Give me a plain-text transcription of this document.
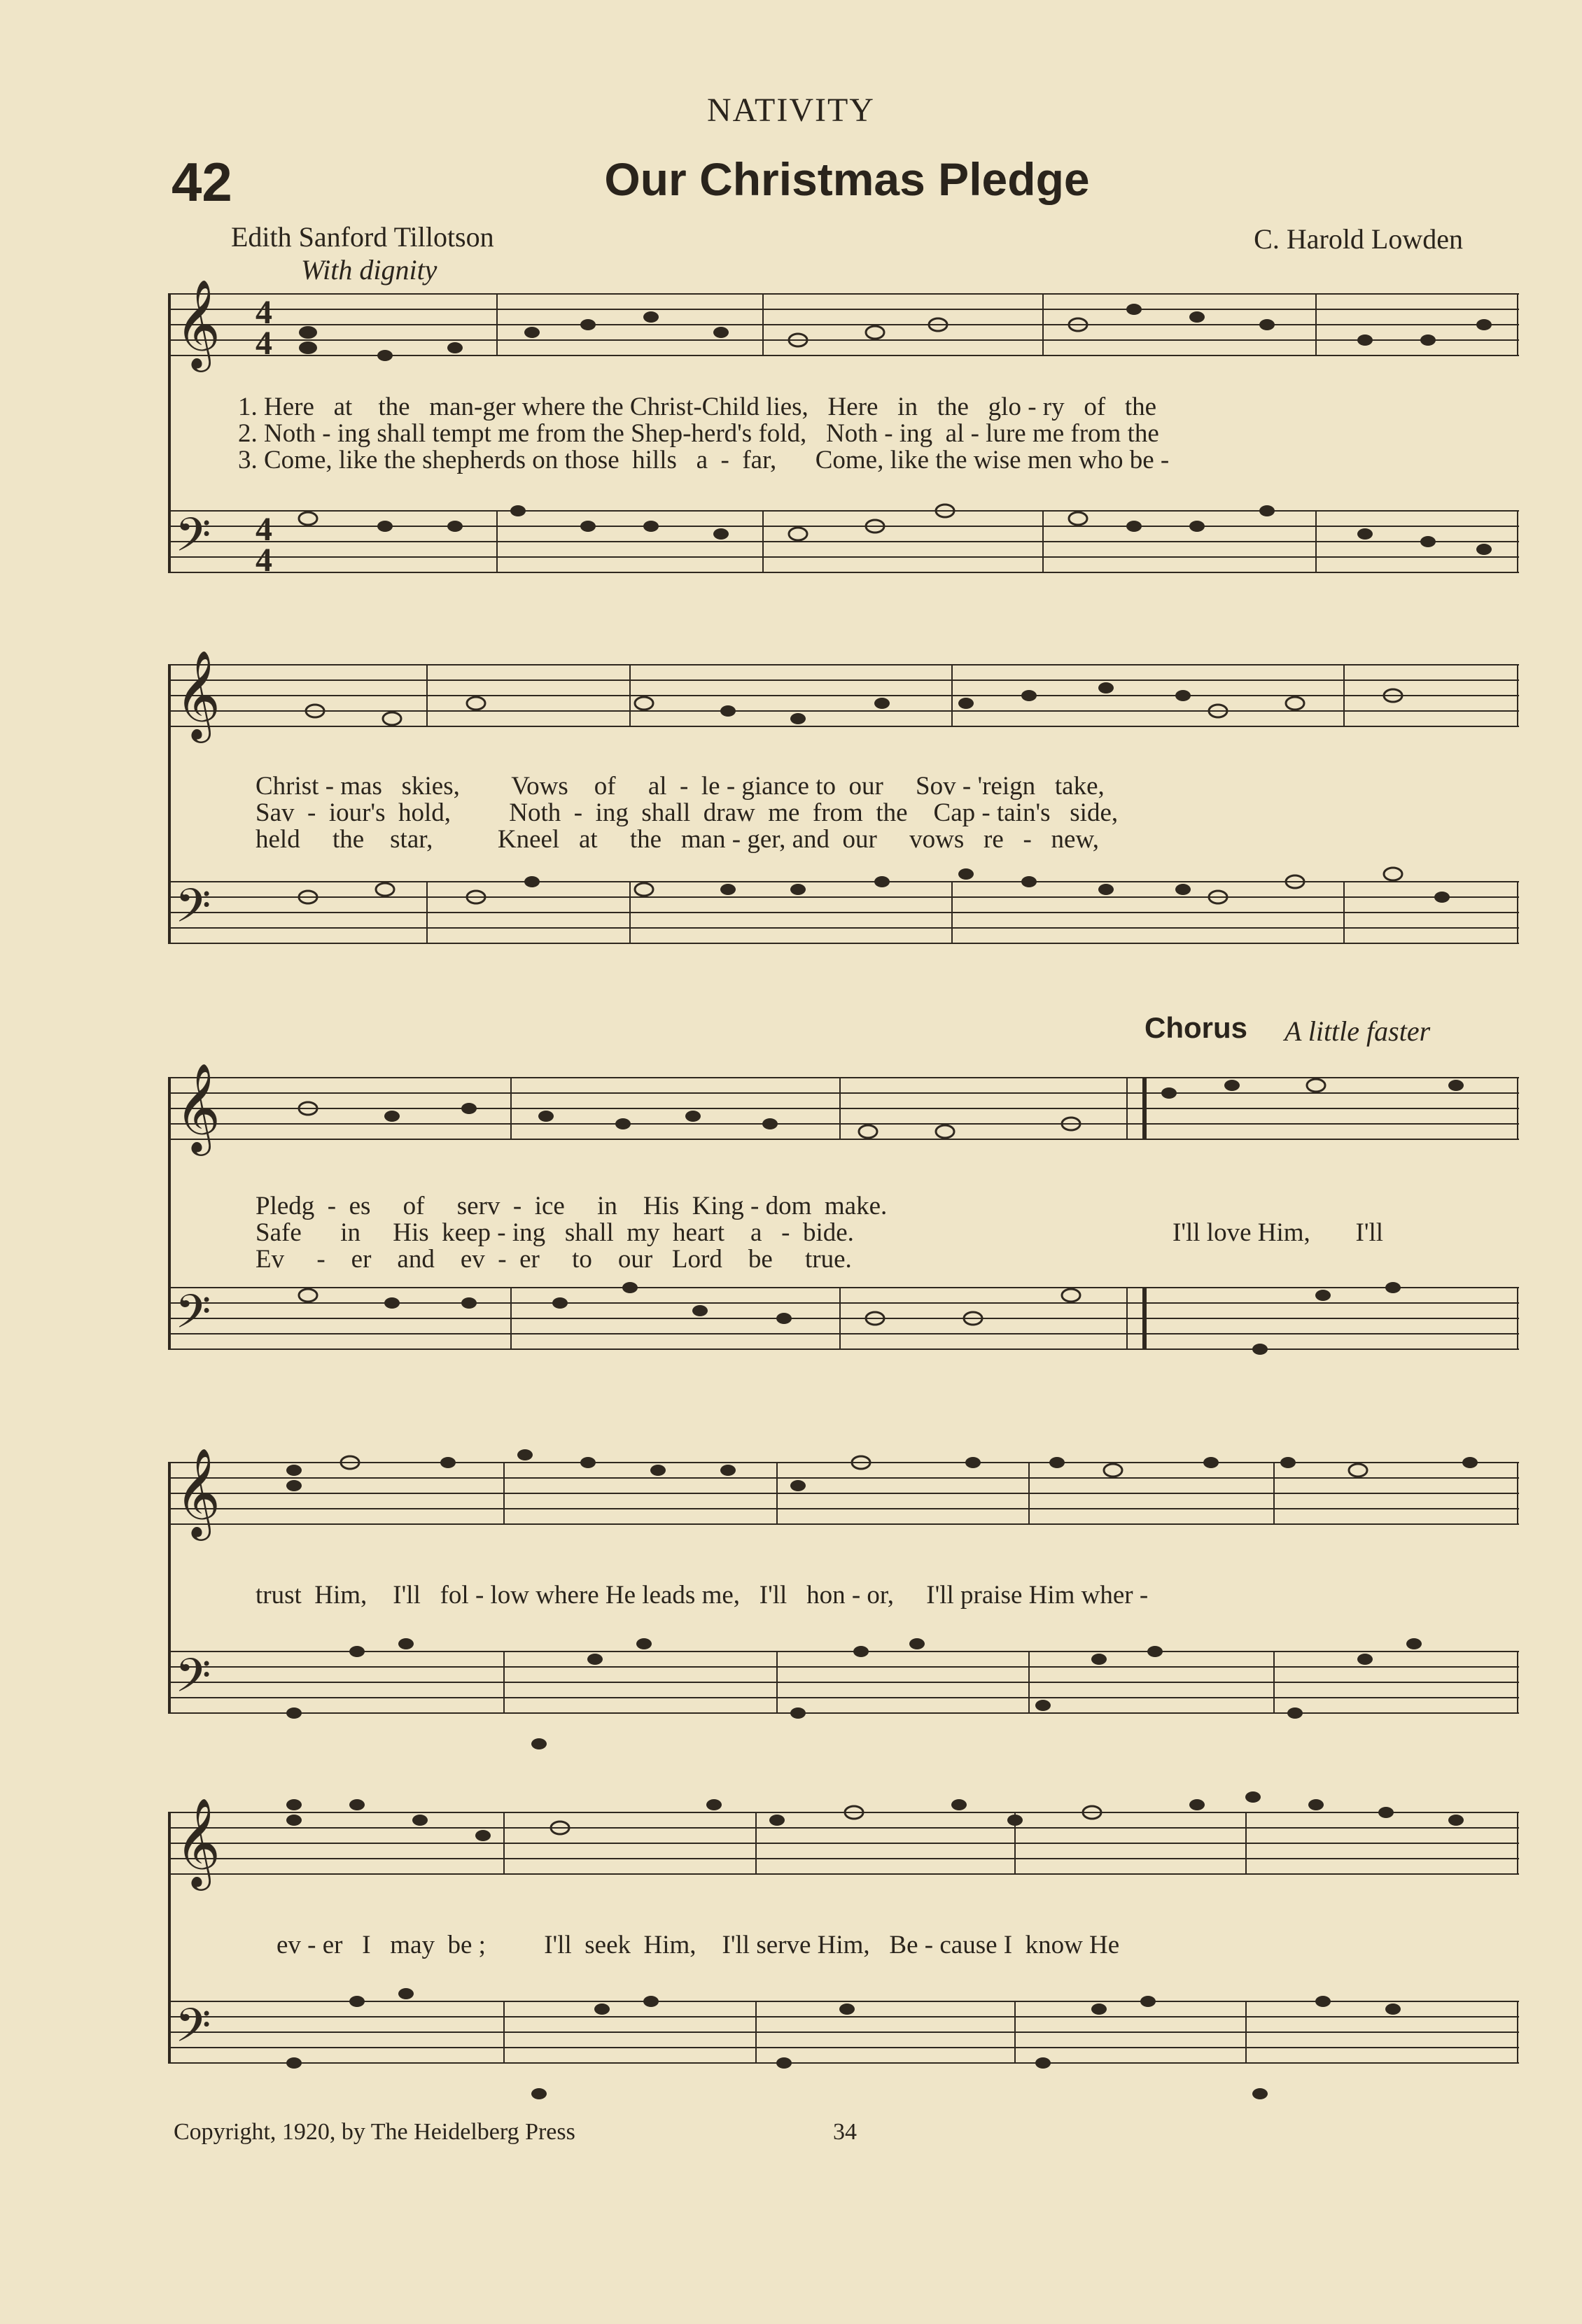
NATIVITY
42	Our Christmas Pledge
Edith Sanford Tillotson	C. Harold Lowden
With dignity
𝄞
𝄢
4
4
4
4
1. Here   at    the   man-ger where the Christ-Child lies,   Here   in   the   glo - ry   of   the
2. Noth - ing shall tempt me from the Shep-herd's fold,   Noth - ing  al - lure me from the
3. Come, like the shepherds on those  hills   a  -  far,      Come, like the wise men who be -
𝄞
𝄢
Christ - mas   skies,        Vows    of     al  -  le - giance to  our     Sov - 'reign   take,
Sav  -  iour's  hold,         Noth  -  ing  shall  draw  me  from  the    Cap - tain's   side,
held     the    star,          Kneel   at     the   man - ger, and  our     vows   re   -   new,
Chorus A little faster
𝄞
𝄢
Pledg  -  es     of     serv  -  ice     in    His  King - dom  make.
Safe      in     His  keep - ing   shall  my  heart    a   -  bide.
Ev     -    er    and    ev  -  er     to    our   Lord    be     true.
I'll love Him,       I'll
𝄞
𝄢
trust  Him,    I'll   fol - low where He leads me,   I'll   hon - or,     I'll praise Him wher -
𝄞
𝄢
ev - er   I   may  be ;         I'll  seek  Him,    I'll serve Him,   Be - cause I  know He
Copyright, 1920, by The Heidelberg Press	34
